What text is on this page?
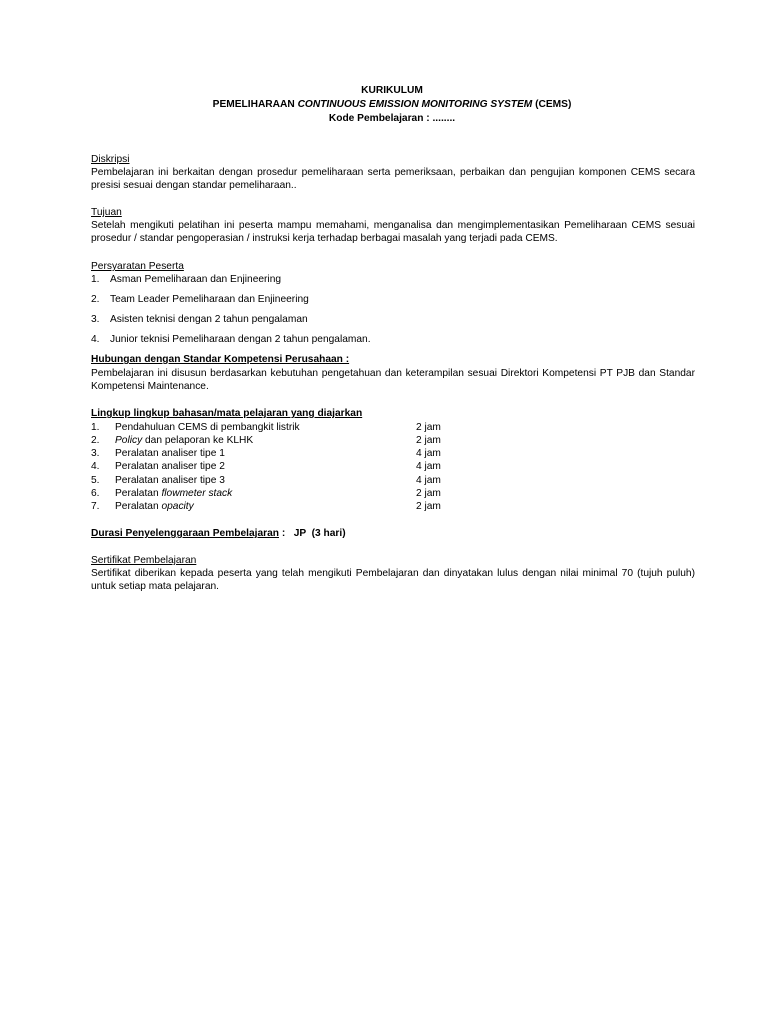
KURIKULUM
PEMELIHARAAN CONTINUOUS EMISSION MONITORING SYSTEM (CEMS)
Kode Pembelajaran : ........
Diskripsi
Pembelajaran ini berkaitan dengan prosedur pemeliharaan serta pemeriksaan, perbaikan dan pengujian komponen CEMS secara presisi sesuai dengan standar pemeliharaan..
Tujuan
Setelah mengikuti pelatihan ini peserta mampu memahami, menganalisa dan mengimplementasikan Pemeliharaan CEMS sesuai prosedur / standar pengoperasian / instruksi kerja terhadap berbagai masalah yang terjadi pada CEMS.
Persyaratan Peserta
1. Asman Pemeliharaan dan Enjineering
2. Team Leader Pemeliharaan dan Enjineering
3. Asisten teknisi dengan 2 tahun pengalaman
4. Junior teknisi Pemeliharaan dengan 2 tahun pengalaman.
Hubungan dengan Standar Kompetensi Perusahaan :
Pembelajaran ini disusun berdasarkan kebutuhan pengetahuan dan keterampilan sesuai Direktori Kompetensi PT PJB dan Standar Kompetensi Maintenance.
Lingkup lingkup bahasan/mata pelajaran yang diajarkan
1. Pendahuluan CEMS di pembangkit listrik	2 jam
2. Policy dan pelaporan ke KLHK	2 jam
3. Peralatan analiser tipe 1	4 jam
4. Peralatan analiser tipe 2	4 jam
5. Peralatan analiser tipe 3	4 jam
6. Peralatan flowmeter stack	2 jam
7. Peralatan opacity	2 jam
Durasi Penyelenggaraan Pembelajaran :   JP  (3 hari)
Sertifikat Pembelajaran
Sertifikat diberikan kepada peserta yang telah mengikuti Pembelajaran dan dinyatakan lulus dengan nilai minimal 70 (tujuh puluh) untuk setiap mata pelajaran.
